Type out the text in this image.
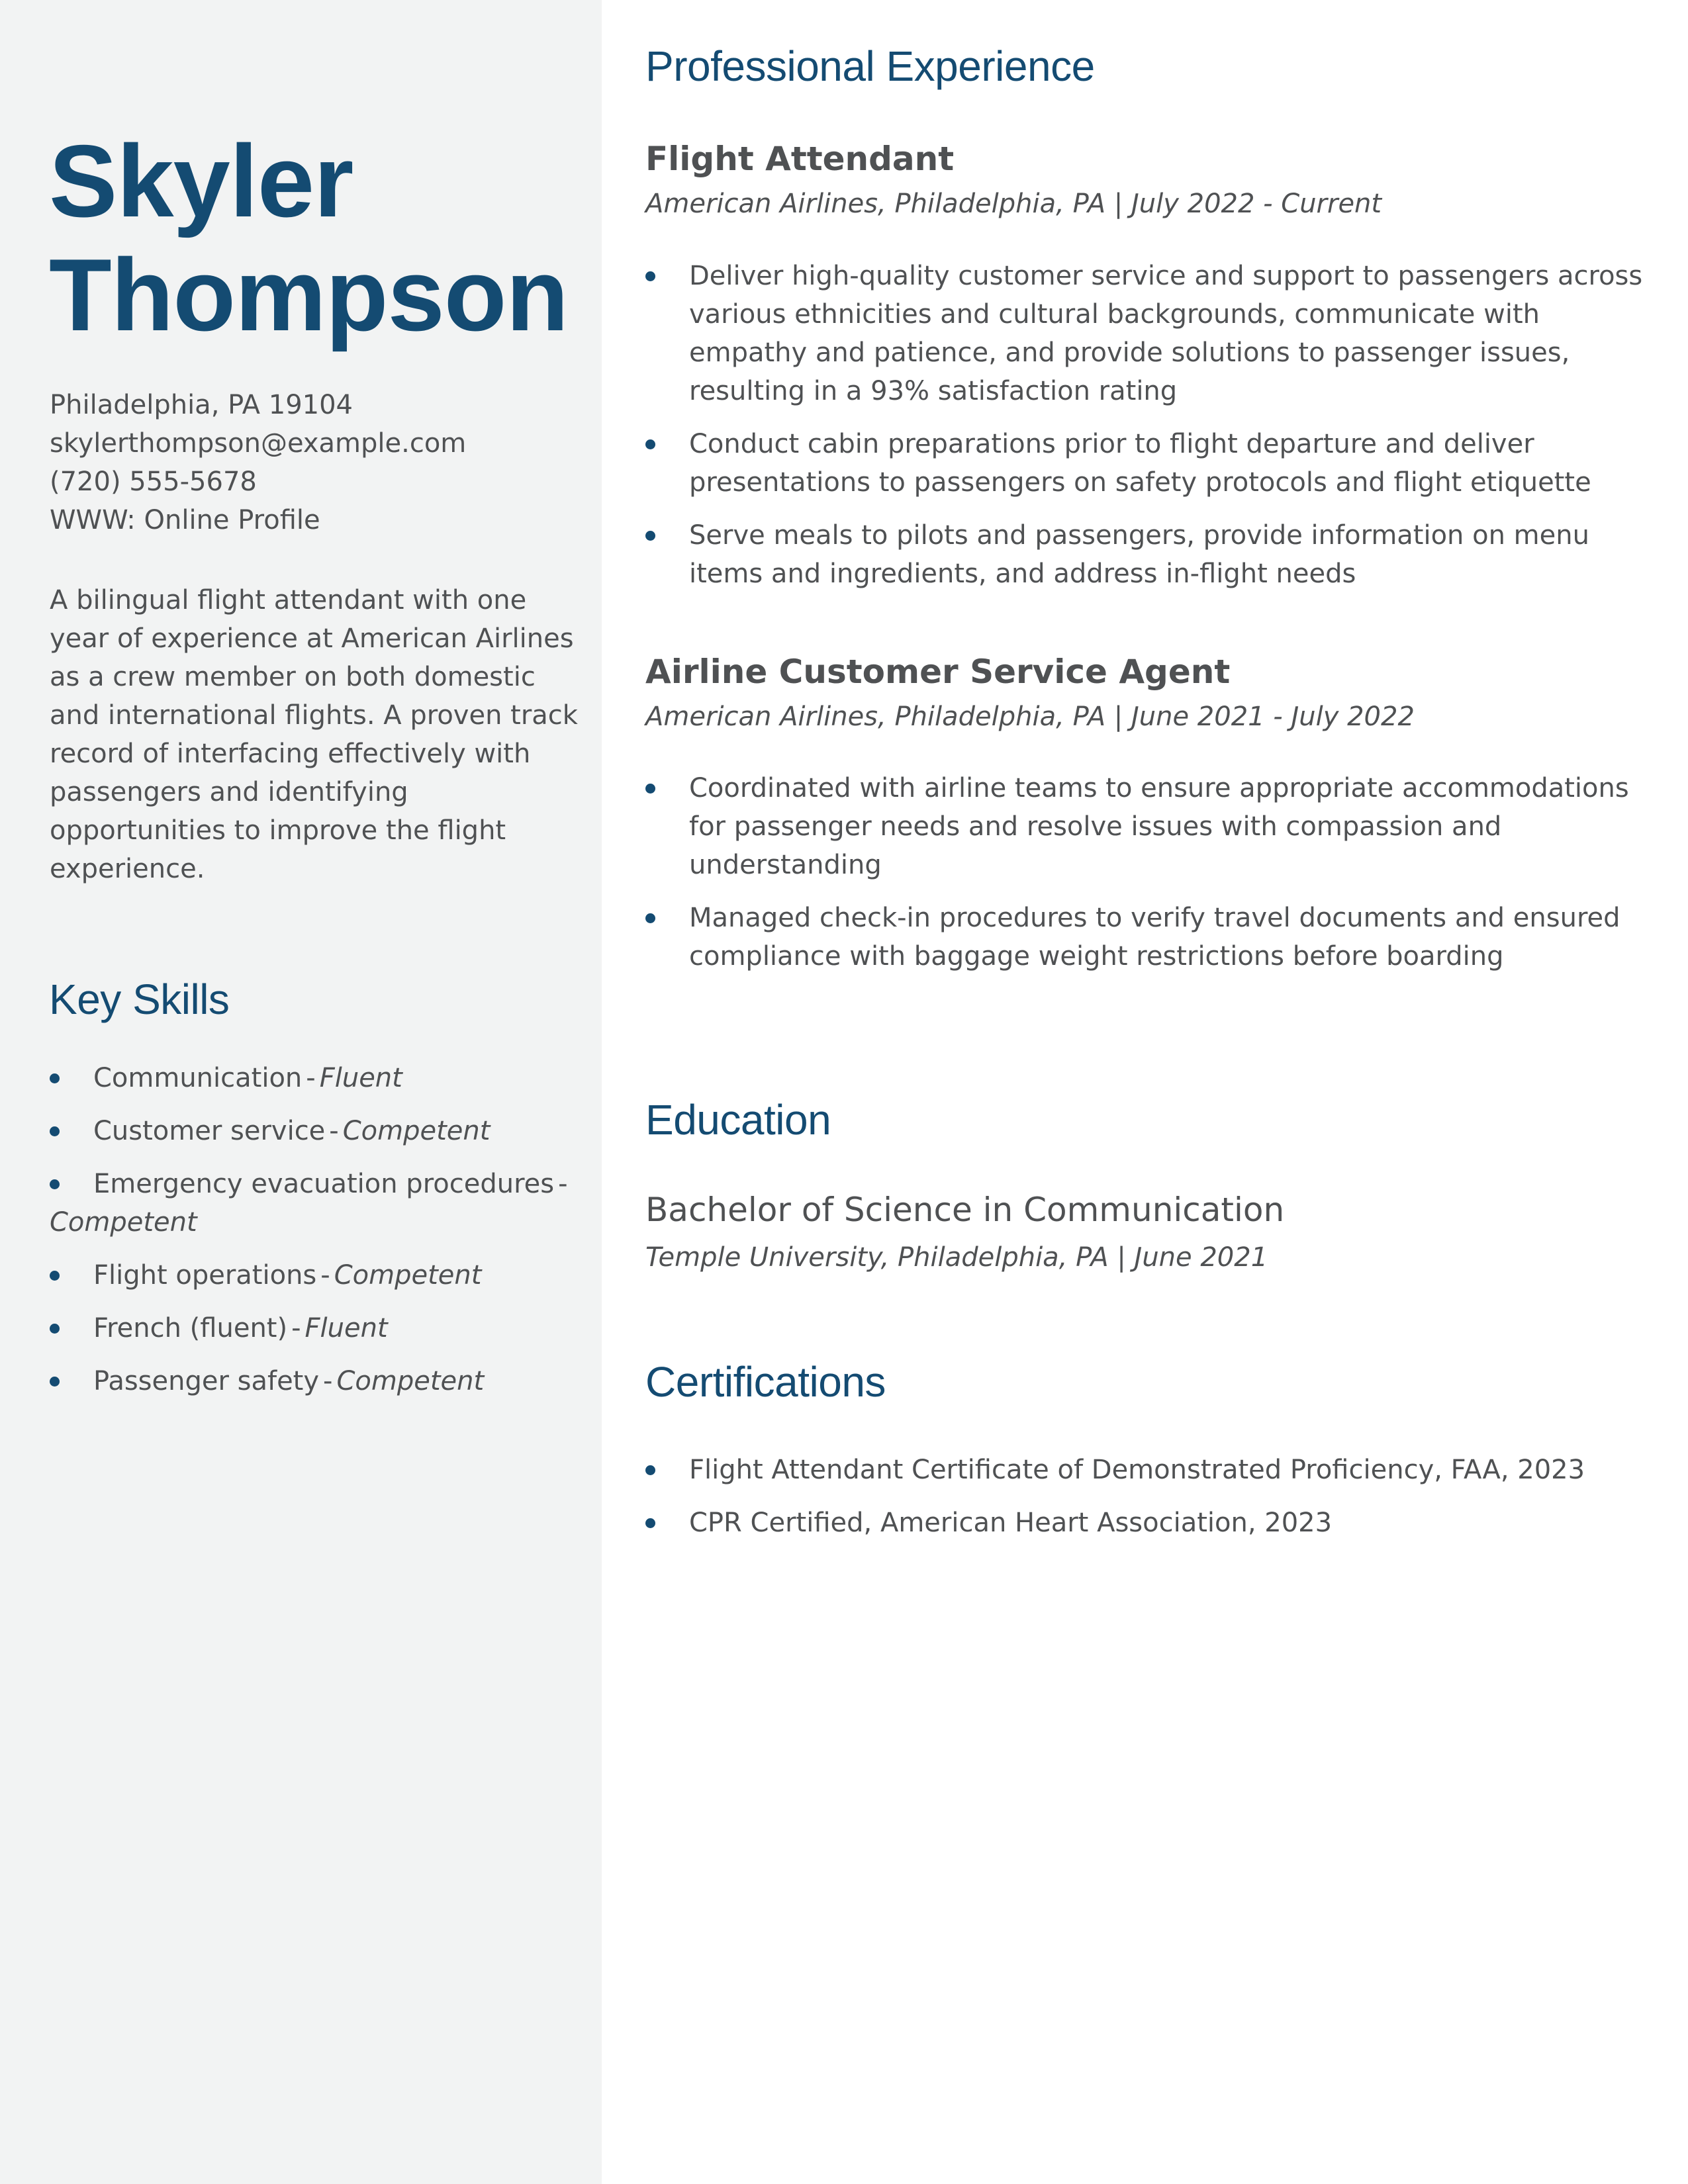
Skyler
Thompson
Philadelphia, PA 19104
skylerthompson@example.com
(720) 555-5678
WWW: Online Profile

A bilingual flight attendant with one year of experience at American Airlines as a crew member on both domestic and international flights. A proven track record of interfacing effectively with passengers and identifying opportunities to improve the flight experience.

Key Skills
Communication - Fluent
Customer service - Competent
Emergency evacuation procedures -Competent
Flight operations - Competent
French (fluent) - Fluent
Passenger safety - Competent
Professional Experience
Flight Attendant
American Airlines, Philadelphia, PA | July 2022 - Current
Deliver high-quality customer service and support to passengers across various ethnicities and cultural backgrounds, communicate with empathy and patience, and provide solutions to passenger issues, resulting in a 93% satisfaction rating
Conduct cabin preparations prior to flight departure and deliver presentations to passengers on safety protocols and flight etiquette
Serve meals to pilots and passengers, provide information on menu items and ingredients, and address in-flight needs
Airline Customer Service Agent
American Airlines, Philadelphia, PA | June 2021 - July 2022
Coordinated with airline teams to ensure appropriate accommodations for passenger needs and resolve issues with compassion and understanding
Managed check-in procedures to verify travel documents and ensured compliance with baggage weight restrictions before boarding
Education
Bachelor of Science in Communication
Temple University, Philadelphia, PA | June 2021
Certifications
Flight Attendant Certificate of Demonstrated Proficiency, FAA, 2023
CPR Certified, American Heart Association, 2023
